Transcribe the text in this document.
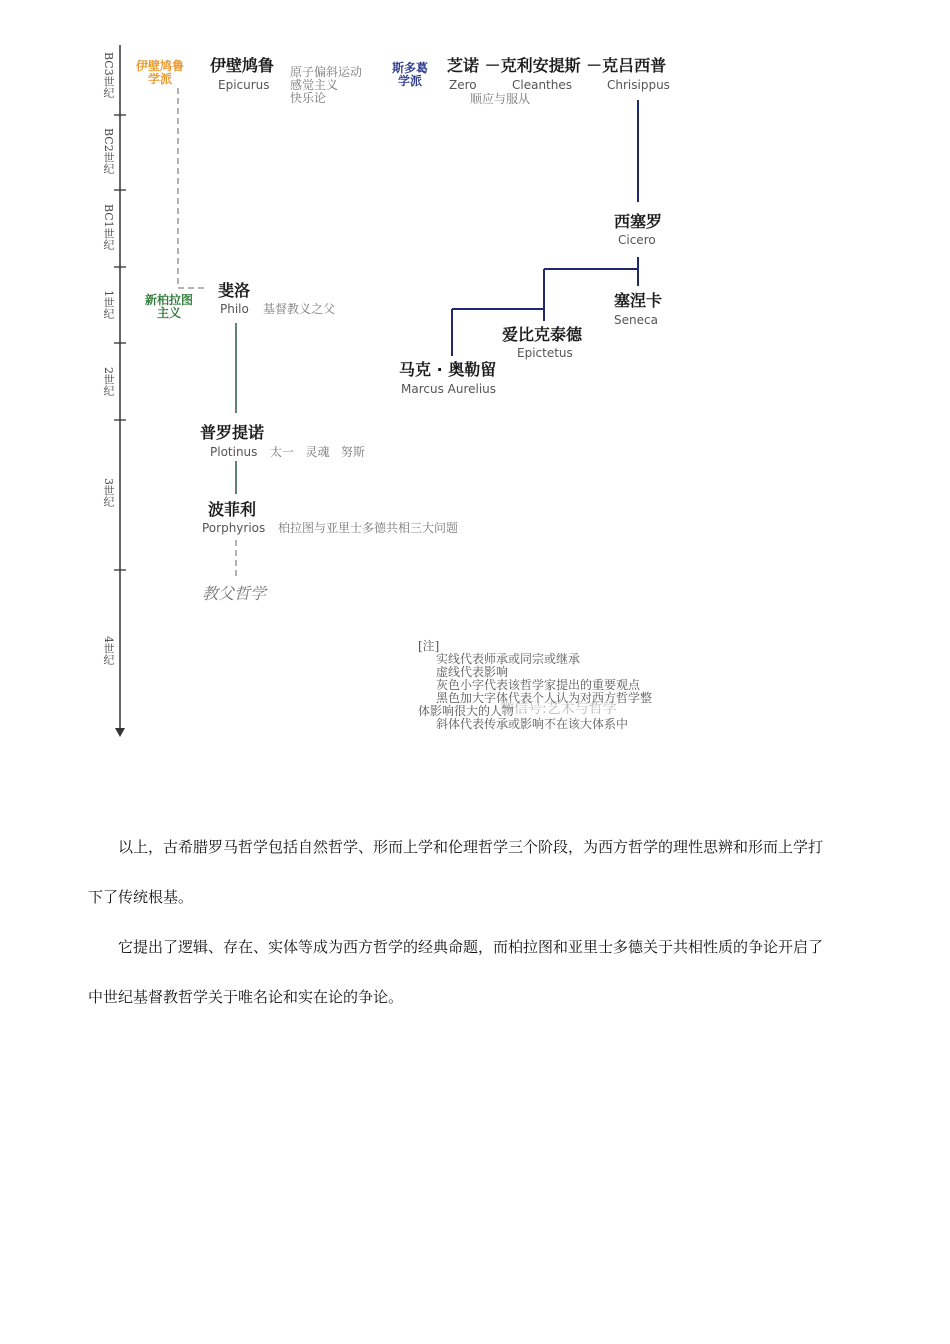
BC3世纪
BC2世纪
BC1世纪
1世纪
2世纪
3世纪
4世纪
伊壁鸠鲁
学派
斯多葛
学派
新柏拉图
主义
伊壁鸠鲁
Epicurus
原子偏斜运动
感觉主义
快乐论
芝诺 －克利安提斯 －克吕西普
Zero	Cleanthes	Chrisippus
顺应与服从
西塞罗
Cicero
塞涅卡
Seneca
爱比克泰德
Epictetus
马克 · 奥勒留
Marcus Aurelius
斐洛
Philo 基督教义之父
普罗提诺
Plotinus 太一   灵魂   努斯
波菲利
Porphyrios 柏拉图与亚里士多德共相三大问题
教父哲学
[注]
实线代表师承或同宗或继承
虚线代表影响
灰色小字代表该哲学家提出的重要观点
黑色加大字体代表个人认为对西方哲学整
体影响很大的人物
斜体代表传承或影响不在该大体系中
微信号:艺术与哲学
以上，古希腊罗马哲学包括自然哲学、形而上学和伦理哲学三个阶段，为西方哲学的理性思辨和形而上学打
下了传统根基。
它提出了逻辑、存在、实体等成为西方哲学的经典命题，而柏拉图和亚里士多德关于共相性质的争论开启了
中世纪基督教哲学关于唯名论和实在论的争论。
